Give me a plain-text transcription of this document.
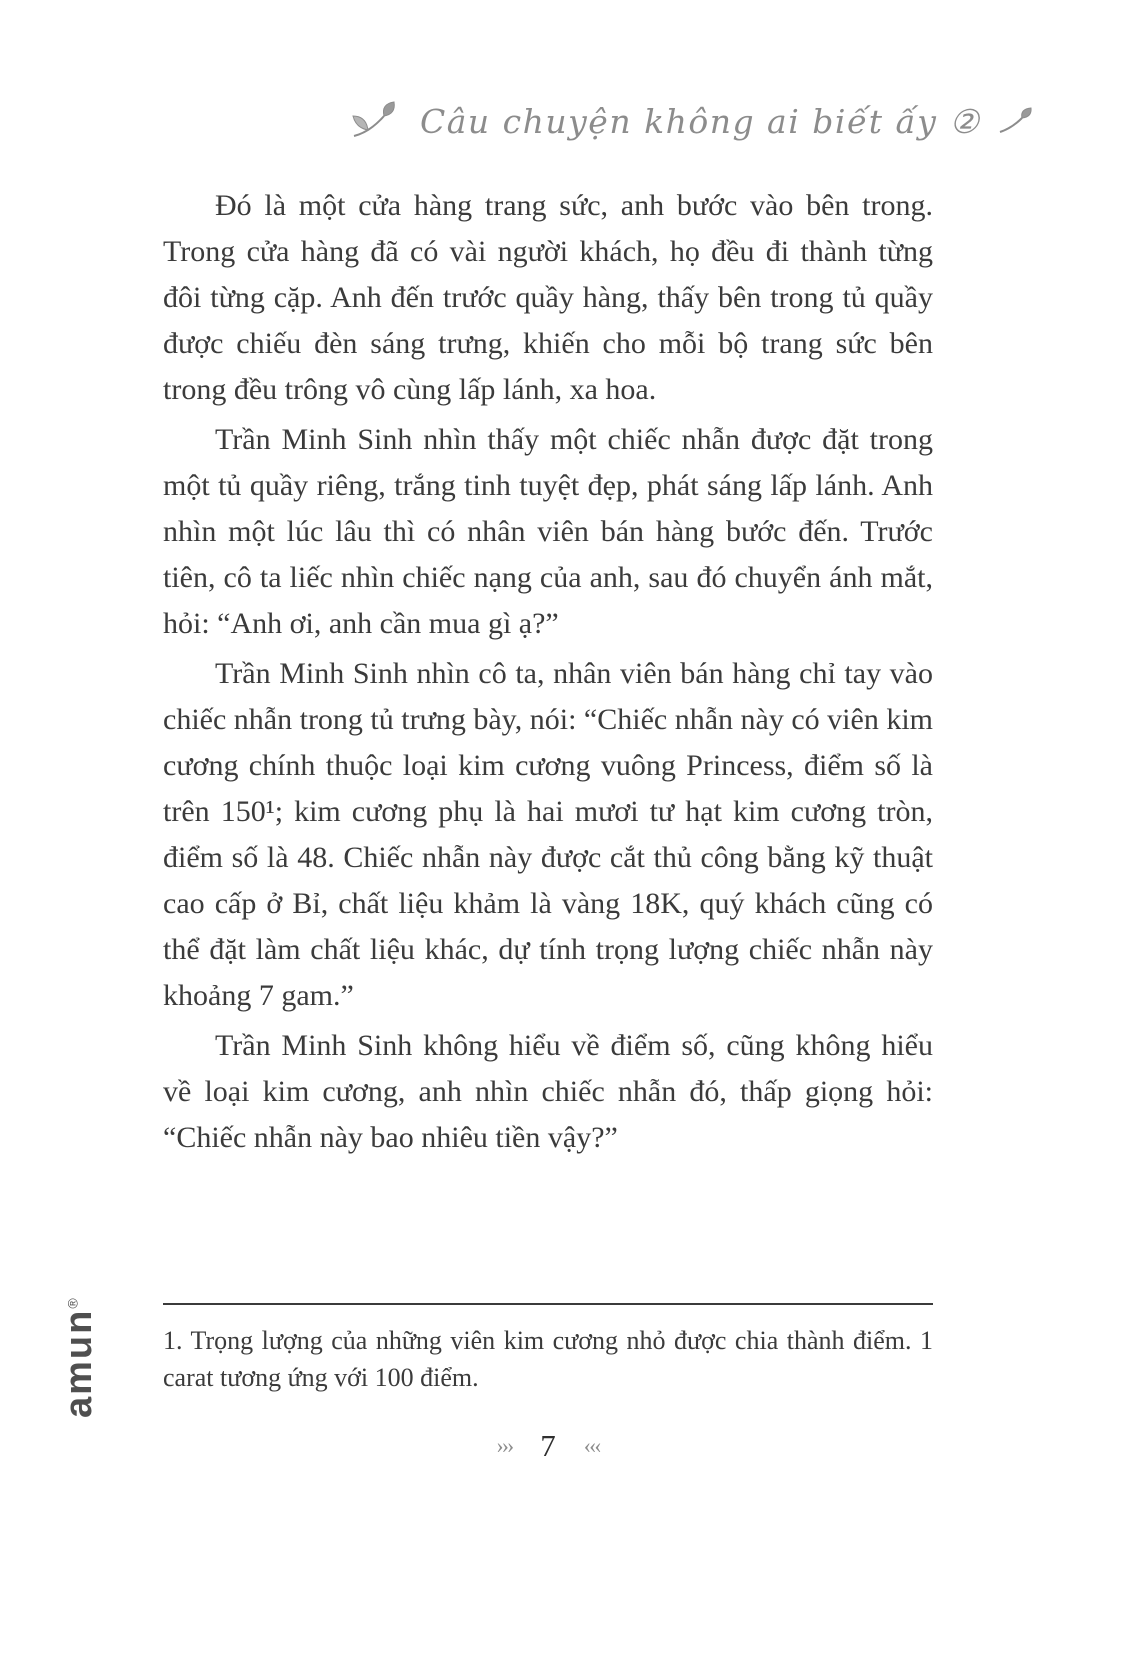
Câu chuyện không ai biết ấy ②

Đó là một cửa hàng trang sức, anh bước vào bên trong. Trong cửa hàng đã có vài người khách, họ đều đi thành từng đôi từng cặp. Anh đến trước quầy hàng, thấy bên trong tủ quầy được chiếu đèn sáng trưng, khiến cho mỗi bộ trang sức bên trong đều trông vô cùng lấp lánh, xa hoa.

Trần Minh Sinh nhìn thấy một chiếc nhẫn được đặt trong một tủ quầy riêng, trắng tinh tuyệt đẹp, phát sáng lấp lánh. Anh nhìn một lúc lâu thì có nhân viên bán hàng bước đến. Trước tiên, cô ta liếc nhìn chiếc nạng của anh, sau đó chuyển ánh mắt, hỏi: “Anh ơi, anh cần mua gì ạ?”

Trần Minh Sinh nhìn cô ta, nhân viên bán hàng chỉ tay vào chiếc nhẫn trong tủ trưng bày, nói: “Chiếc nhẫn này có viên kim cương chính thuộc loại kim cương vuông Princess, điểm số là trên 150¹; kim cương phụ là hai mươi tư hạt kim cương tròn, điểm số là 48. Chiếc nhẫn này được cắt thủ công bằng kỹ thuật cao cấp ở Bỉ, chất liệu khảm là vàng 18K, quý khách cũng có thể đặt làm chất liệu khác, dự tính trọng lượng chiếc nhẫn này khoảng 7 gam.”

Trần Minh Sinh không hiểu về điểm số, cũng không hiểu về loại kim cương, anh nhìn chiếc nhẫn đó, thấp giọng hỏi: “Chiếc nhẫn này bao nhiêu tiền vậy?”

1. Trọng lượng của những viên kim cương nhỏ được chia thành điểm. 1 carat tương ứng với 100 điểm.
››› 7 ‹‹‹
amun®
